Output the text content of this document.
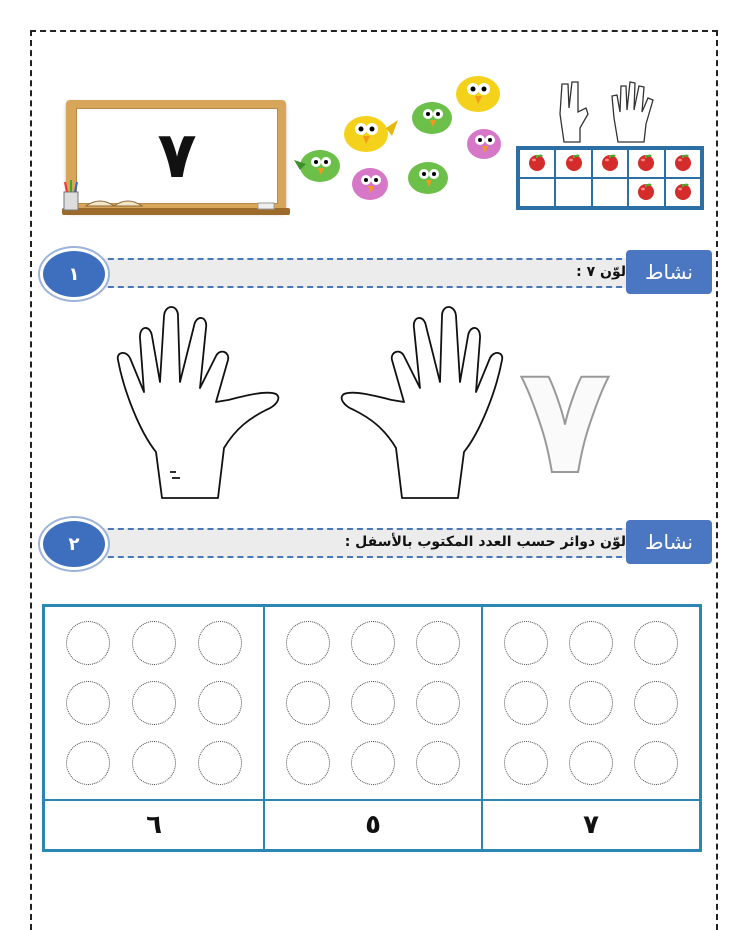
٧
لوّن ٧ :
١	نشاط
٧
لوّن دوائر حسب العدد المكتوب بالأسفل :
٢	نشاط
٦	٥	٧
